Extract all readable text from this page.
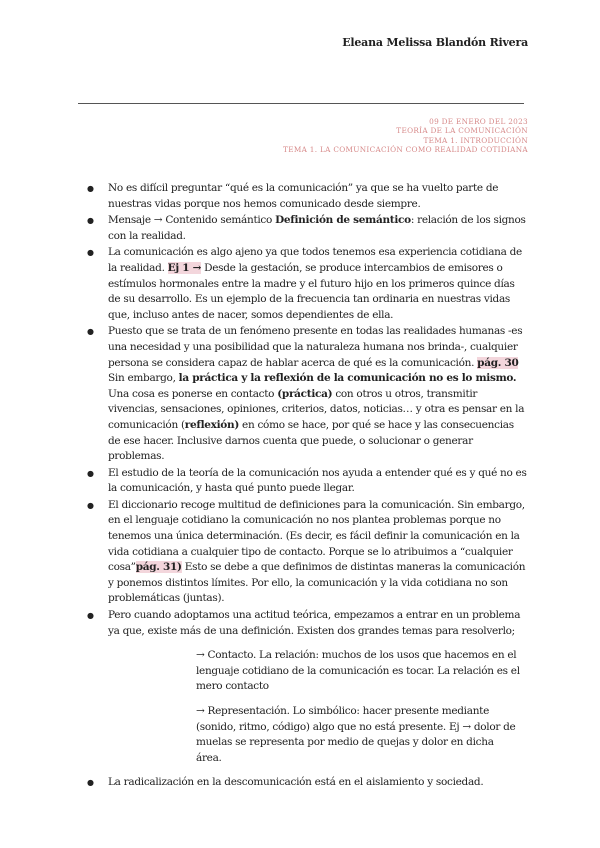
Eleana Melissa Blandón Rivera
09 DE ENERO DEL 2023
TEORÍA DE LA COMUNICACIÓN
TEMA 1. INTRODUCCIÓN
TEMA 1. LA COMUNICACIÓN COMO REALIDAD COTIDIANA
● No es difícil preguntar “qué es la comunicación” ya que se ha vuelto parte de nuestras vidas porque nos hemos comunicado desde siempre.
● Mensaje → Contenido semántico Definición de semántico: relación de los signos con la realidad.
● La comunicación es algo ajeno ya que todos tenemos esa experiencia cotidiana de la realidad. Ej 1 → Desde la gestación, se produce intercambios de emisores o estímulos hormonales entre la madre y el futuro hijo en los primeros quince días de su desarrollo. Es un ejemplo de la frecuencia tan ordinaria en nuestras vidas que, incluso antes de nacer, somos dependientes de ella.
● Puesto que se trata de un fenómeno presente en todas las realidades humanas -es una necesidad y una posibilidad que la naturaleza humana nos brinda-, cualquier persona se considera capaz de hablar acerca de qué es la comunicación. pág. 30 Sin embargo, la práctica y la reflexión de la comunicación no es lo mismo. Una cosa es ponerse en contacto (práctica) con otros u otros, transmitir vivencias, sensaciones, opiniones, criterios, datos, noticias… y otra es pensar en la comunicación (reflexión) en cómo se hace, por qué se hace y las consecuencias de ese hacer. Inclusive darnos cuenta que puede, o solucionar o generar problemas.
● El estudio de la teoría de la comunicación nos ayuda a entender qué es y qué no es la comunicación, y hasta qué punto puede llegar.
● El diccionario recoge multitud de definiciones para la comunicación. Sin embargo, en el lenguaje cotidiano la comunicación no nos plantea problemas porque no tenemos una única determinación. (Es decir, es fácil definir la comunicación en la vida cotidiana a cualquier tipo de contacto. Porque se lo atribuimos a “cualquier cosa”pág. 31) Esto se debe a que definimos de distintas maneras la comunicación y ponemos distintos límites. Por ello, la comunicación y la vida cotidiana no son problemáticas (juntas).
● Pero cuando adoptamos una actitud teórica, empezamos a entrar en un problema ya que, existe más de una definición. Existen dos grandes temas para resolverlo;
→ Contacto. La relación: muchos de los usos que hacemos en el lenguaje cotidiano de la comunicación es tocar. La relación es el mero contacto
→ Representación. Lo simbólico: hacer presente mediante (sonido, ritmo, código) algo que no está presente. Ej → dolor de muelas se representa por medio de quejas y dolor en dicha área.
● La radicalización en la descomunicación está en el aislamiento y sociedad.
